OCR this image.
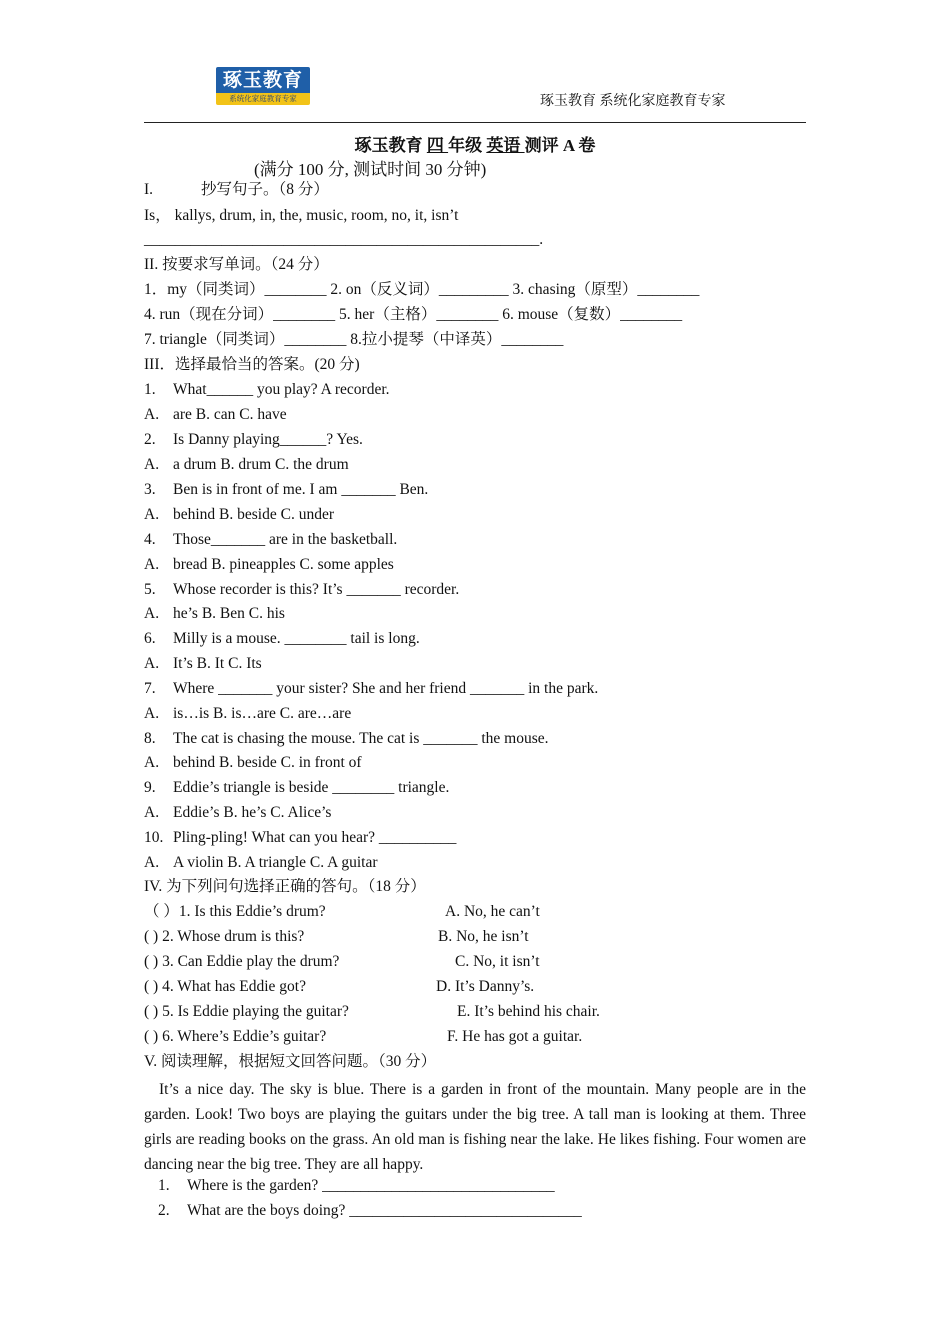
琢玉教育
系统化家庭教育专家	琢玉教育 系统化家庭教育专家
琢玉教育 四 年级 英语 测评 A 卷
(满分 100 分, 测试时间 30 分钟)
I.	抄写句子。（8 分）
Is， kallys, drum, in, the, music, room, no, it, isn’t
___________________________________________________.
II. 按要求写单词。（24 分）
1．my（同类词）________ 2. on（反义词）_________ 3. chasing（原型）________
4. run（现在分词）________ 5. her（主格）________ 6. mouse（复数）________
7. triangle（同类词）________ 8.拉小提琴（中译英）________
III．选择最恰当的答案。(20 分)
1. What______ you play? A recorder.
A. are B. can C. have
2. Is Danny playing______? Yes.
A. a drum B. drum C. the drum
3. Ben is in front of me. I am _______ Ben.
A. behind B. beside C. under
4. Those_______ are in the basketball.
A. bread B. pineapples C. some apples
5. Whose recorder is this? It’s _______ recorder.
A. he’s B. Ben C. his
6. Milly is a mouse. ________ tail is long.
A. It’s B. It C. Its
7. Where _______ your sister? She and her friend _______ in the park.
A. is…is B. is…are C. are…are
8. The cat is chasing the mouse. The cat is _______ the mouse.
A. behind B. beside C. in front of
9. Eddie’s triangle is beside ________ triangle.
A. Eddie’s B. he’s C. Alice’s
10. Pling-pling! What can you hear? __________
A. A violin B. A triangle C. A guitar
IV. 为下列问句选择正确的答句。（18 分）
（ ）1. Is this Eddie’s drum?	A. No, he can’t
( ) 2. Whose drum is this?	B. No, he isn’t
( ) 3. Can Eddie play the drum?	C. No, it isn’t
( ) 4. What has Eddie got?	D. It’s Danny’s.
( ) 5. Is Eddie playing the guitar?	E. It’s behind his chair.
( ) 6. Where’s Eddie’s guitar?	F. He has got a guitar.
V. 阅读理解，根据短文回答问题。（30 分）
It’s a nice day. The sky is blue. There is a garden in front of the mountain. Many people are in the garden. Look! Two boys are playing the guitars under the big tree. A tall man is looking at them. Three girls are reading books on the grass. An old man is fishing near the lake. He likes fishing. Four women are dancing near the big tree. They are all happy.
1. Where is the garden? ______________________________
2. What are the boys doing? ______________________________
